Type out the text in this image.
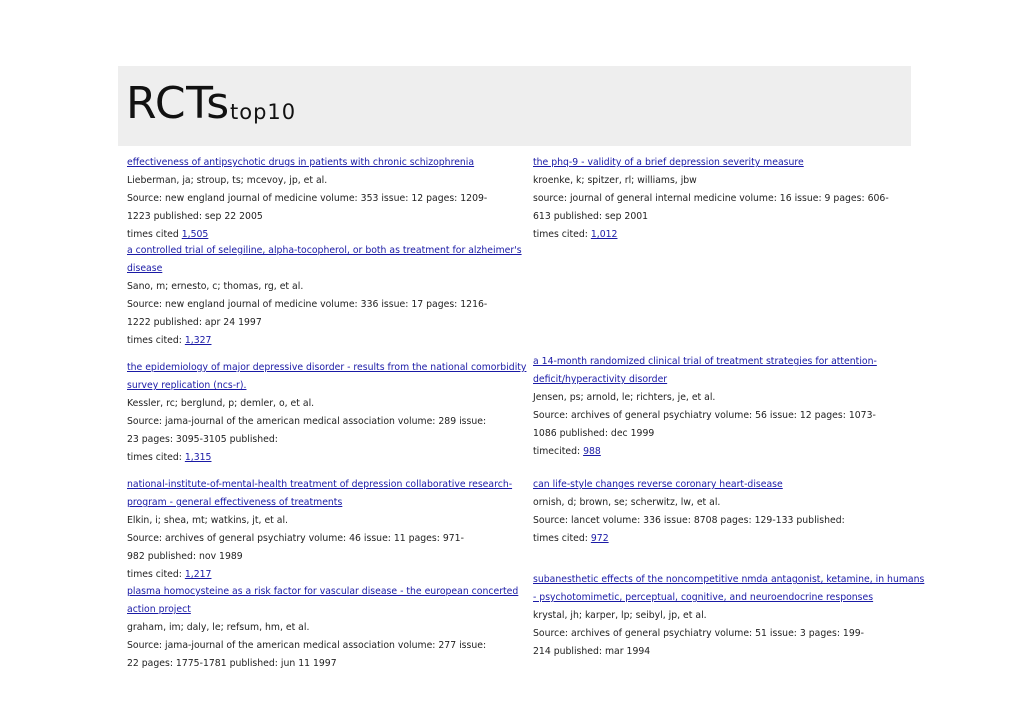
RCTs top10

effectiveness of antipsychotic drugs in patients with chronic schizophrenia

Lieberman, ja; stroup, ts; mcevoy, jp, et al.

Source: new england journal of medicine volume: 353 issue: 12 pages: 1209-

1223 published: sep 22 2005

times cited 1,505

a controlled trial of selegiline, alpha-tocopherol, or both as treatment for alzheimer's

disease

Sano, m; ernesto, c; thomas, rg, et al.

Source: new england journal of medicine volume: 336 issue: 17 pages: 1216-

1222 published: apr 24 1997

times cited: 1,327

the epidemiology of major depressive disorder - results from the national comorbidity

survey replication (ncs-r).

Kessler, rc; berglund, p; demler, o, et al.

Source: jama-journal of the american medical association volume: 289 issue:

23 pages: 3095-3105 published:

times cited: 1,315

national-institute-of-mental-health treatment of depression collaborative research-

program - general effectiveness of treatments

Elkin, i; shea, mt; watkins, jt, et al.

Source: archives of general psychiatry volume: 46 issue: 11 pages: 971-

982 published: nov 1989

times cited: 1,217

plasma homocysteine as a risk factor for vascular disease - the european concerted

action project

graham, im; daly, le; refsum, hm, et al.

Source: jama-journal of the american medical association volume: 277 issue:

22 pages: 1775-1781 published: jun 11 1997

the phq-9 - validity of a brief depression severity measure

kroenke, k; spitzer, rl; williams, jbw

source: journal of general internal medicine volume: 16 issue: 9 pages: 606-

613 published: sep 2001

times cited: 1,012

a 14-month randomized clinical trial of treatment strategies for attention-

deficit/hyperactivity disorder

Jensen, ps; arnold, le; richters, je, et al.

Source: archives of general psychiatry volume: 56 issue: 12 pages: 1073-

1086 published: dec 1999

timecited: 988

can life-style changes reverse coronary heart-disease

ornish, d; brown, se; scherwitz, lw, et al.

Source: lancet volume: 336 issue: 8708 pages: 129-133 published:

times cited: 972

subanesthetic effects of the noncompetitive nmda antagonist, ketamine, in humans

- psychotomimetic, perceptual, cognitive, and neuroendocrine responses

krystal, jh; karper, lp; seibyl, jp, et al.

Source: archives of general psychiatry volume: 51 issue: 3 pages: 199-

214 published: mar 1994
